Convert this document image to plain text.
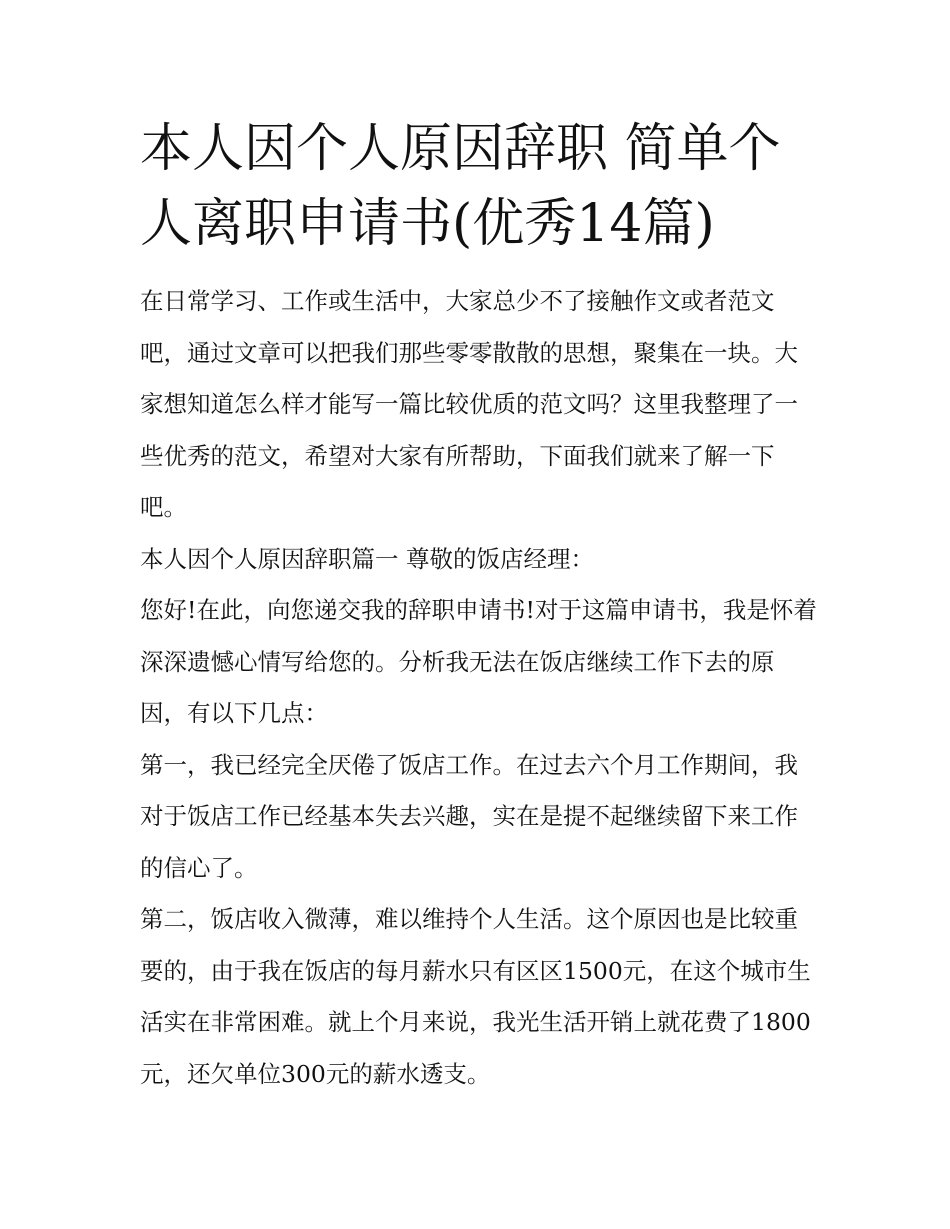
本人因个人原因辞职 简单个人离职申请书(优秀14篇)

在日常学习、工作或生活中，大家总少不了接触作文或者范文吧，通过文章可以把我们那些零零散散的思想，聚集在一块。大家想知道怎么样才能写一篇比较优质的范文吗？这里我整理了一些优秀的范文，希望对大家有所帮助，下面我们就来了解一下吧。

本人因个人原因辞职篇一 尊敬的饭店经理：

您好!在此，向您递交我的辞职申请书!对于这篇申请书，我是怀着深深遗憾心情写给您的。分析我无法在饭店继续工作下去的原因，有以下几点：

第一，我已经完全厌倦了饭店工作。在过去六个月工作期间，我对于饭店工作已经基本失去兴趣，实在是提不起继续留下来工作的信心了。

第二，饭店收入微薄，难以维持个人生活。这个原因也是比较重要的，由于我在饭店的每月薪水只有区区1500元，在这个城市生活实在非常困难。就上个月来说，我光生活开销上就花费了1800元，还欠单位300元的薪水透支。
